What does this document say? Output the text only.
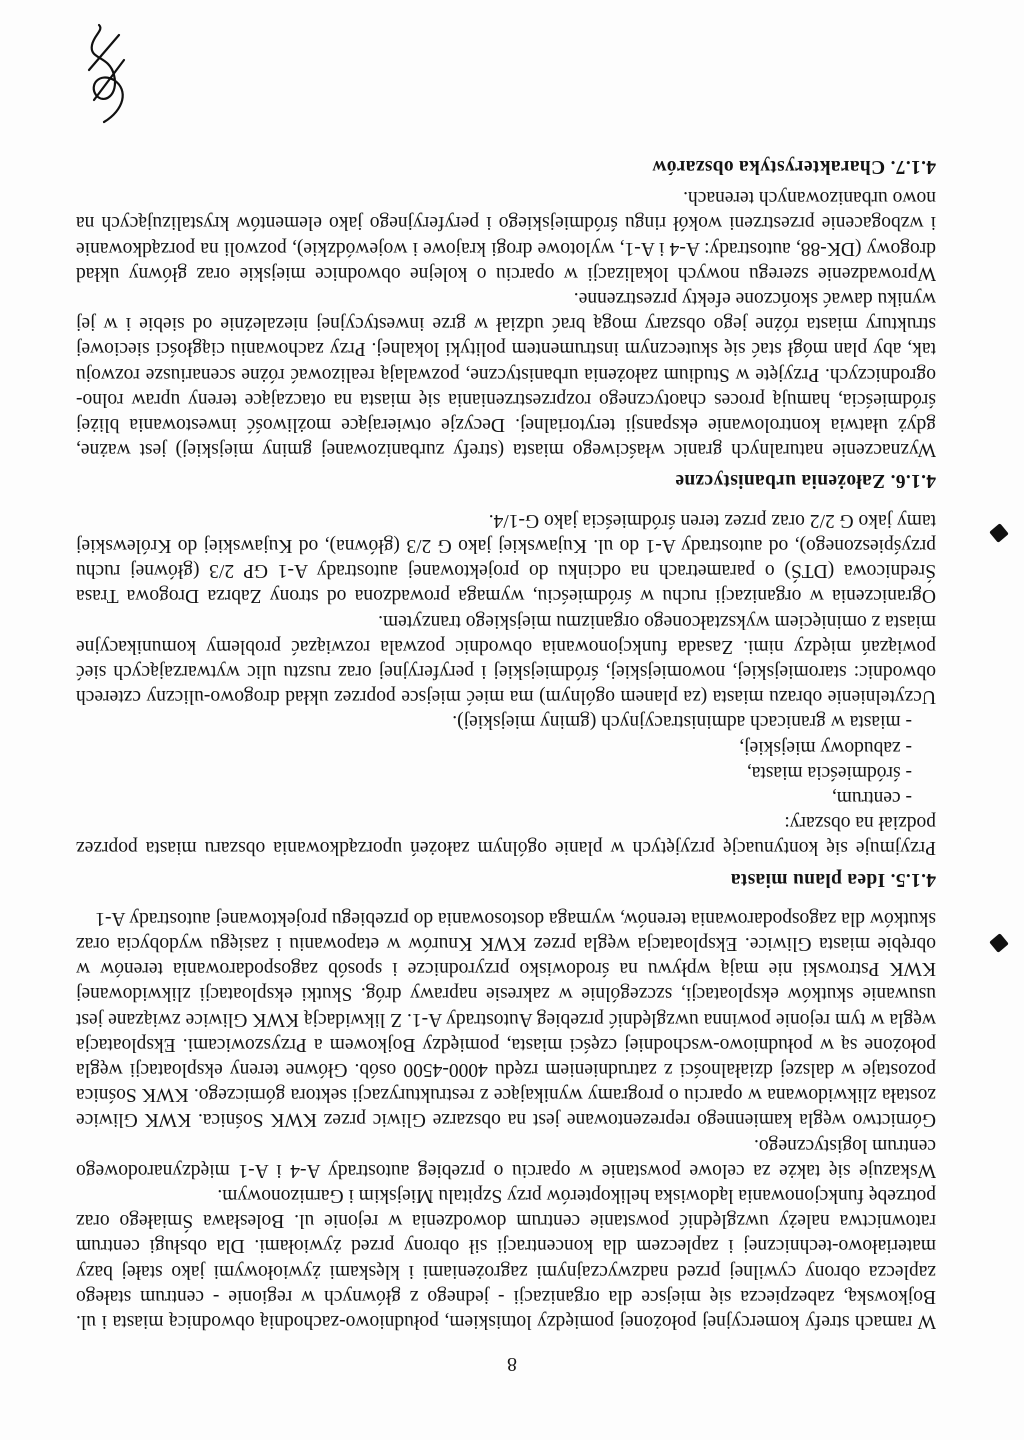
8

W ramach strefy komercyjnej położonej pomiędzy lotniskiem, południowo-zachodnią obwodnicą miasta i ul. Bojkowską, zabezpiecza się miejsce dla organizacji - jednego z głównych w regionie - centrum stałego zaplecza obrony cywilnej przed nadzwyczajnymi zagrożeniami i klęskami żywiołowymi jako stałej bazy materiałowo-technicznej i zapleczem dla koncentracji sił obrony przed żywiołami. Dla obsługi centrum ratownictwa należy uwzględnić powstanie centrum dowodzenia w rejonie ul. Bolesława Śmiałego oraz potrzebę funkcjonowania lądowiska helikopterów przy Szpitalu Miejskim i Garnizonowym.

Wskazuje się także za celowe powstanie w oparciu o przebieg autostrady A-4 i A-1 międzynarodowego centrum logistycznego.

Górnictwo węgla kamiennego reprezentowane jest na obszarze Gliwic przez KWK Sośnica. KWK Gliwice została zlikwidowana w oparciu o programy wynikające z restrukturyzacji sektora górniczego. KWK Sośnica pozostaje w dalszej działalności z zatrudnieniem rzędu 4000-4500 osób. Główne tereny eksploatacji węgla położone są w południowo-wschodniej części miasta, pomiędzy Bojkowem a Przyszowicami. Eksploatacja węgla w tym rejonie powinna uwzględnić przebieg Autostrady A-1. Z likwidacją KWK Gliwice związane jest usuwanie skutków eksploatacji, szczególnie w zakresie naprawy dróg. Skutki eksploatacji zlikwidowanej KWK Pstrowski nie mają wpływu na środowisko przyrodnicze i sposób zagospodarowania terenów w obrębie miasta Gliwice. Eksploatacja węgla przez KWK Knurów w etapowaniu i zasięgu wydobycia oraz skutków dla zagospodarowania terenów, wymaga dostosowania do przebiegu projektowanej autostrady A-1

4.1.5. Idea planu miasta

Przyjmuje się kontynuację przyjętych w planie ogólnym założeń uporządkowania obszaru miasta poprzez podział na obszary:

- centrum,

- śródmieścia miasta,

- zabudowy miejskiej,

- miasta w granicach administracyjnych (gminy miejskiej).

Uczytelnienie obrazu miasta (za planem ogólnym) ma mieć miejsce poprzez układ drogowo-uliczny czterech obwodnic: staromiejskiej, nowomiejskiej, śródmiejskiej i peryferyjnej oraz rusztu ulic wytwarzających sieć powiązań między nimi. Zasada funkcjonowania obwodnic pozwala rozwiązać problemy komunikacyjne miasta z ominięciem wykształconego organizmu miejskiego tranzytem.

Ograniczenia w organizacji ruchu w śródmieściu, wymaga prowadzona od strony Zabrza Drogowa Trasa Średnicowa (DTŚ) o parametrach na odcinku do projektowanej autostrady A-1 GP 2/3 (głównej ruchu przyśpieszonego), od autostrady A-1 do ul. Kujawskiej jako G 2/3 (główna), od Kujawskiej do Królewskiej tamy jako G 2/2 oraz przez teren śródmieścia jako G-1/4.

4.1.6. Założenia urbanistyczne

Wyznaczenie naturalnych granic właściwego miasta (strefy zurbanizowanej gminy miejskiej) jest ważne, gdyż ułatwia kontrolowanie ekspansji terytorialnej. Decyzje otwierające możliwość inwestowania bliżej śródmieścia, hamują proces chaotycznego rozprzestrzeniania się miasta na otaczające tereny upraw rolno-ogrodniczych. Przyjęte w Studium założenia urbanistyczne, pozwalają realizować różne scenariusze rozwoju tak, aby plan mógł stać się skutecznym instrumentem polityki lokalnej. Przy zachowaniu ciągłości sieciowej struktury miasta różne jego obszary mogą brać udział w grze inwestycyjnej niezależnie od siebie i w jej wyniku dawać skończone efekty przestrzenne.

Wprowadzenie szeregu nowych lokalizacji w oparciu o kolejne obwodnice miejskie oraz główny układ drogowy (DK-88, autostrady: A-4 i A-1, wylotowe drogi krajowe i wojewódzkie), pozwoli na porządkowanie i wzbogacenie przestrzeni wokół ringu śródmiejskiego i peryferyjnego jako elementów krystalizujących na nowo urbanizowanych terenach.

4.1.7. Charakterystyka obszarów
